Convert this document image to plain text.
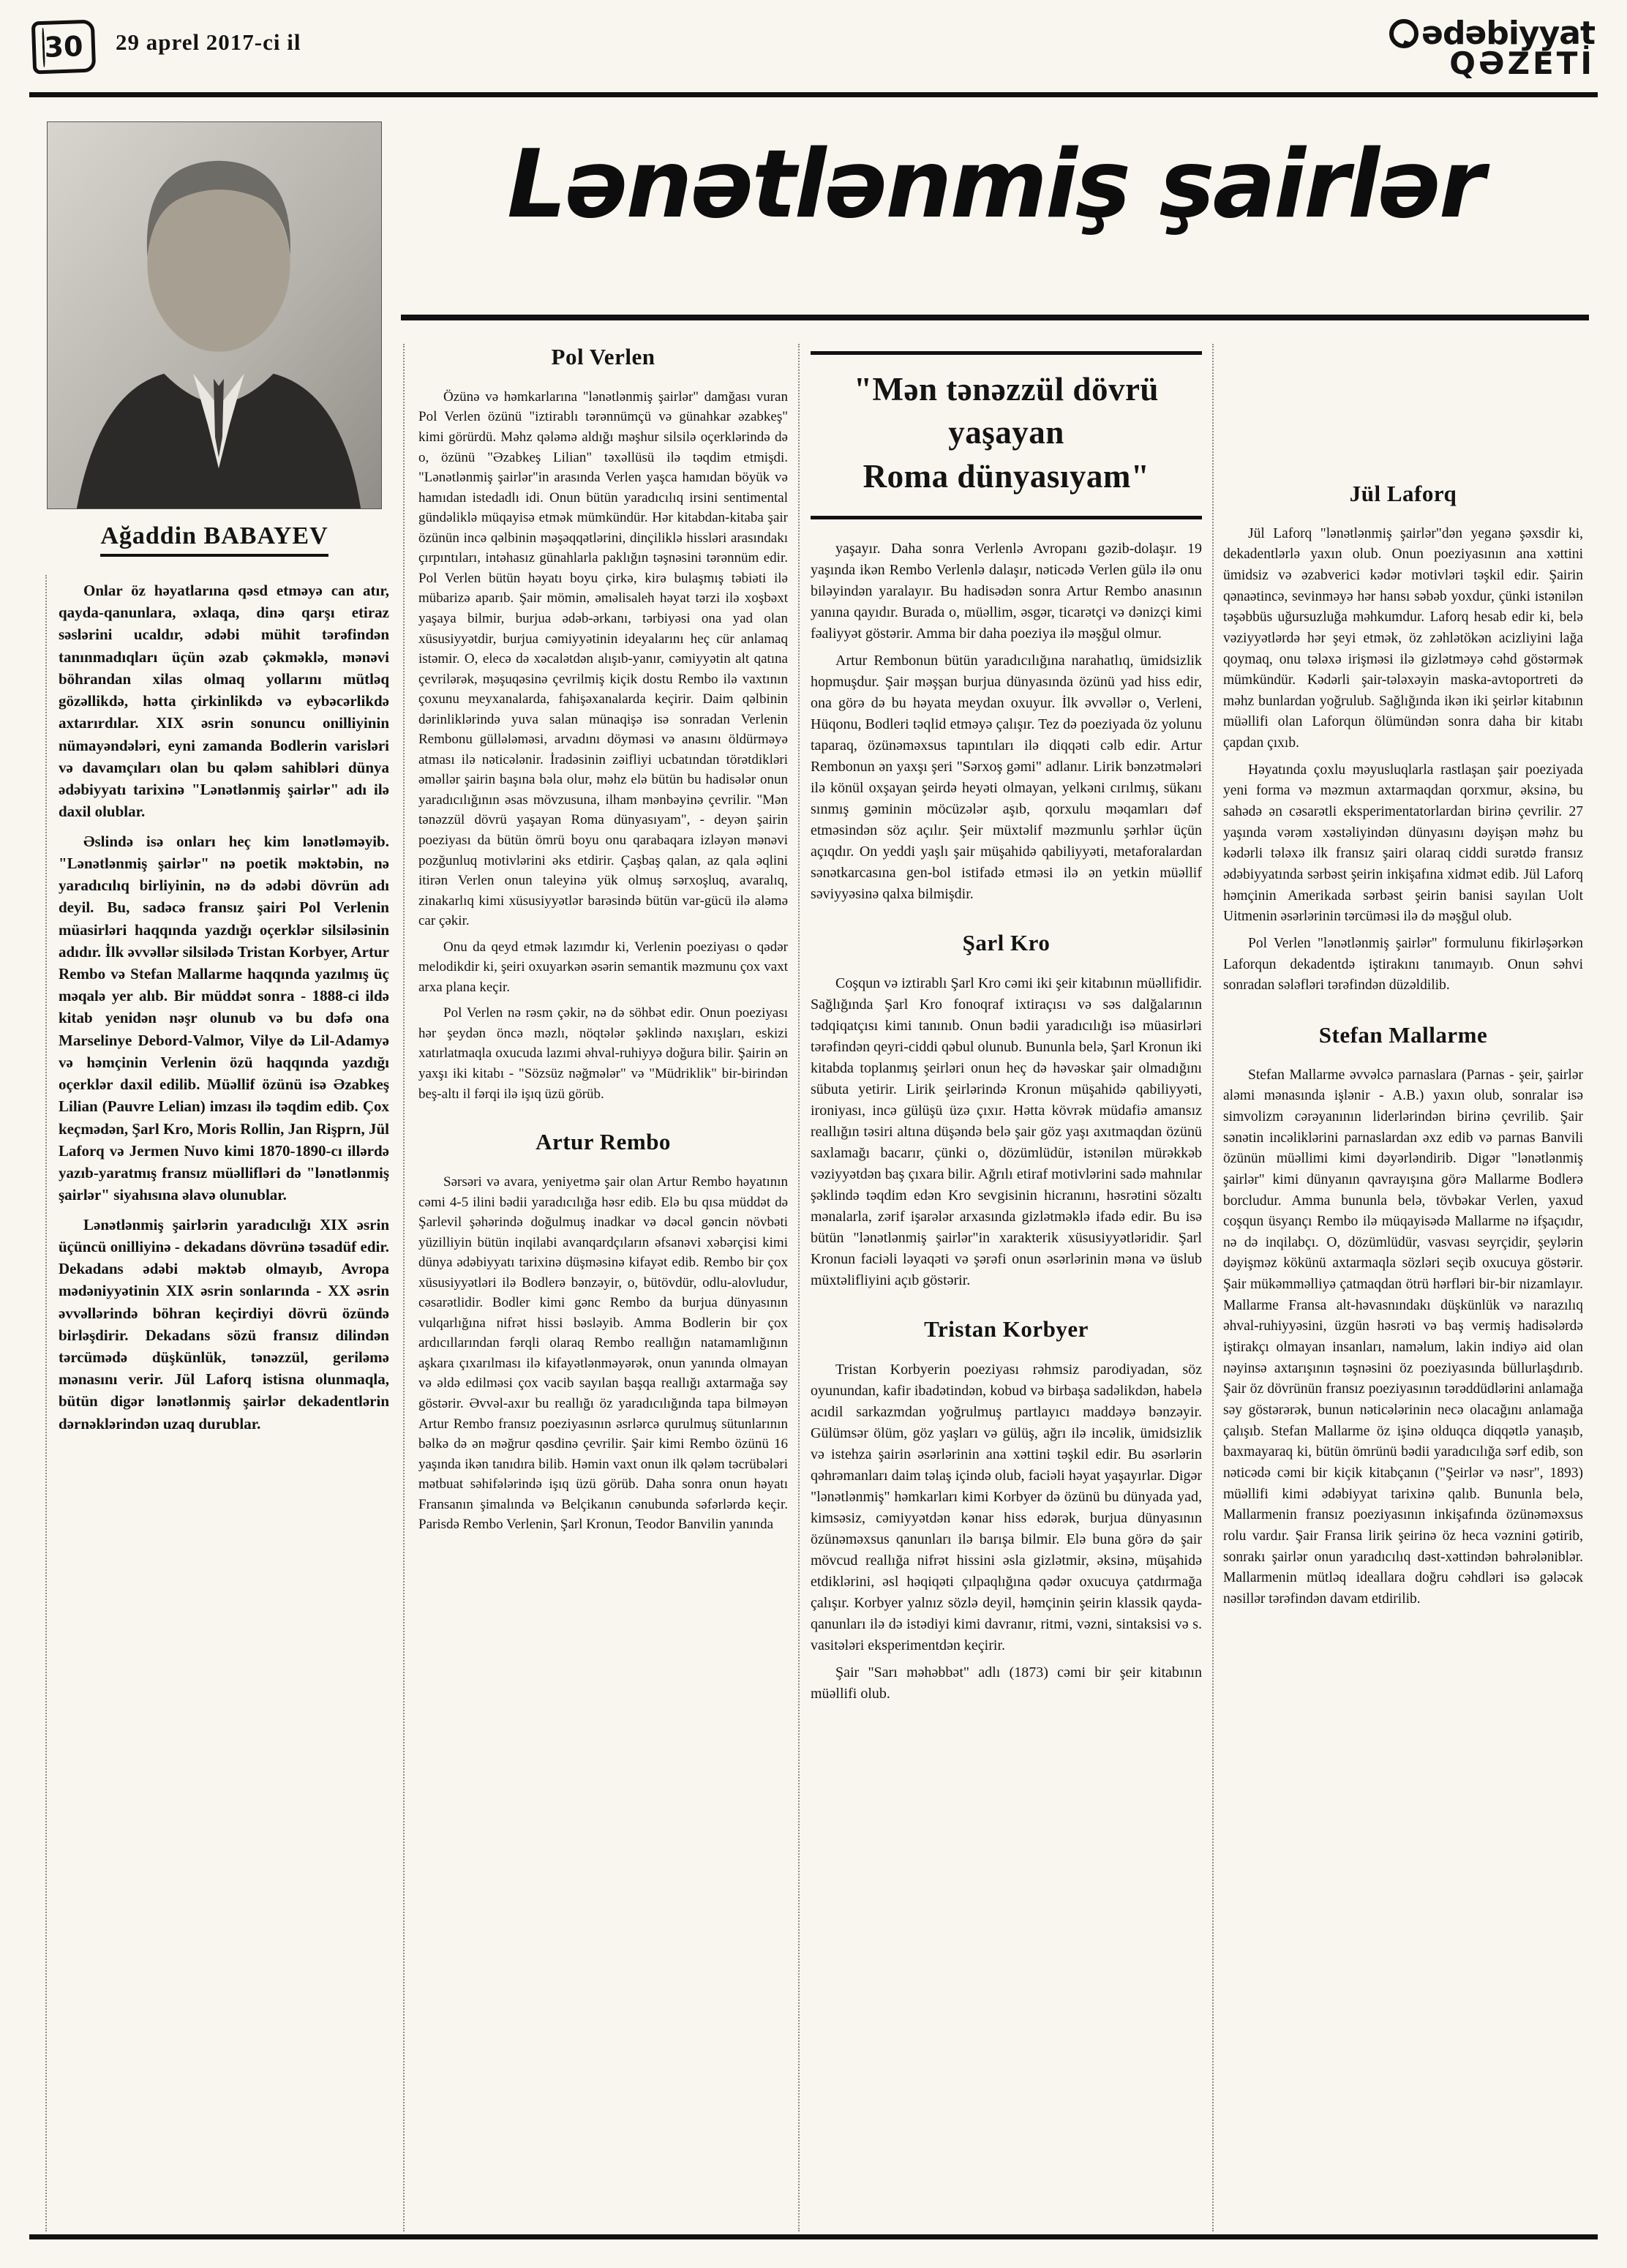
30 29 aprel 2017-ci il	ədəbiyyat
QƏZETİ
Ağaddin BABAYEV
Lənətlənmiş şairlər

Onlar öz həyatlarına qəsd etməyə can atır, qayda-qanunlara, əxlaqa, dinə qarşı etiraz səslərini ucaldır, ədəbi mühit tərəfindən tanınmadıqları üçün əzab çəkməklə, mənəvi böhrandan xilas olmaq yollarını mütləq gözəllikdə, hətta çirkinlikdə və eybəcərlikdə axtarırdılar. XIX əsrin sonuncu onilliyinin nümayəndələri, eyni zamanda Bodlerin varisləri və davamçıları olan bu qələm sahibləri dünya ədəbiyyatı tarixinə "Lənətlənmiş şairlər" adı ilə daxil olublar.

Əslində isə onları heç kim lənətləməyib. "Lənətlənmiş şairlər" nə poetik məktəbin, nə yaradıcılıq birliyinin, nə də ədəbi dövrün adı deyil. Bu, sadəcə fransız şairi Pol Verlenin müasirləri haqqında yazdığı oçerklər silsiləsinin adıdır. İlk əvvəllər silsilədə Tristan Korbyer, Artur Rembo və Stefan Mallarme haqqında yazılmış üç məqalə yer alıb. Bir müddət sonra - 1888-ci ildə kitab yenidən nəşr olunub və bu dəfə ona Marselinye Debord-Valmor, Vilye də Lil-Adamyə və həmçinin Verlenin özü haqqında yazdığı oçerklər daxil edilib. Müəllif özünü isə Əzabkeş Lilian (Pauvre Lelian) imzası ilə təqdim edib. Çox keçmədən, Şarl Kro, Moris Rollin, Jan Rişprn, Jül Laforq və Jermen Nuvo kimi 1870-1890-cı illərdə yazıb-yaratmış fransız müəllifləri də "lənətlənmiş şairlər" siyahısına əlavə olunublar.

Lənətlənmiş şairlərin yaradıcılığı XIX əsrin üçüncü onilliyinə - dekadans dövrünə təsadüf edir. Dekadans ədəbi məktəb olmayıb, Avropa mədəniyyətinin XIX əsrin sonlarında - XX əsrin əvvəllərində böhran keçirdiyi dövrü özündə birləşdirir. Dekadans sözü fransız dilindən tərcümədə düşkünlük, tənəzzül, geriləmə mənasını verir. Jül Laforq istisna olunmaqla, bütün digər lənətlənmiş şairlər dekadentlərin dərnəklərindən uzaq durublar.

Pol Verlen

Özünə və həmkarlarına "lənətlənmiş şairlər" damğası vuran Pol Verlen özünü "iztirablı tərənnümçü və günahkar əzabkeş" kimi görürdü. Məhz qələmə aldığı məşhur silsilə oçerklərində də o, özünü "Əzabkeş Lilian" təxəllüsü ilə təqdim etmişdi. "Lənətlənmiş şairlər"in arasında Verlen yaşca hamıdan böyük və hamıdan istedadlı idi. Onun bütün yaradıcılıq irsini sentimental gündəliklə müqayisə etmək mümkündür. Hər kitabdan-kitaba şair özünün incə qəlbinin məşəqqətlərini, dinçiliklə hissləri arasındakı çırpıntıları, intəhasız günahlarla paklığın təşnəsini tərənnüm edir. Pol Verlen bütün həyatı boyu çirkə, kirə bulaşmış təbiəti ilə mübarizə aparıb. Şair mömin, əməlisaleh həyat tərzi ilə xoşbəxt yaşaya bilmir, burjua ədəb-ərkanı, tərbiyəsi ona yad olan xüsusiyyətdir, burjua cəmiyyətinin ideyalarını heç cür anlamaq istəmir. O, elecə də xəcalətdən alışıb-yanır, cəmiyyətin alt qatına çevrilərək, məşuqəsinə çevrilmiş kiçik dostu Rembo ilə vaxtının çoxunu meyxanalarda, fahişəxanalarda keçirir. Daim qəlbinin dərinliklərində yuva salan münaqişə isə sonradan Verlenin Rembonu güllələməsi, arvadını döyməsi və anasını öldürməyə atması ilə nəticələnir. İradəsinin zəifliyi ucbatından törətdikləri əməllər şairin başına bəla olur, məhz elə bütün bu hadisələr onun yaradıcılığının əsas mövzusuna, ilham mənbəyinə çevrilir. "Mən tənəzzül dövrü yaşayan Roma dünyasıyam", - deyən şairin poeziyası da bütün ömrü boyu onu qarabaqara izləyən mənəvi pozğunluq motivlərini əks etdirir. Çaşbaş qalan, az qala əqlini itirən Verlen onun taleyinə yük olmuş sərxoşluq, avaralıq, zinakarlıq kimi xüsusiyyətlər barəsində bütün var-gücü ilə aləmə car çəkir.

Onu da qeyd etmək lazımdır ki, Verlenin poeziyası o qədər melodikdir ki, şeiri oxuyarkən əsərin semantik məzmunu çox vaxt arxa plana keçir.

Pol Verlen nə rəsm çəkir, nə də söhbət edir. Onun poeziyası hər şeydən öncə məzlı, nöqtələr şəklində naxışları, eskizi xatırlatmaqla oxucuda lazımi əhval-ruhiyyə doğura bilir. Şairin ən yaxşı iki kitabı - "Sözsüz nəğmələr" və "Müdriklik" bir-birindən beş-altı il fərqi ilə işıq üzü görüb.

Artur Rembo

Sərsəri və avara, yeniyetmə şair olan Artur Rembo həyatının cəmi 4-5 ilini bədii yaradıcılığa həsr edib. Elə bu qısa müddət də Şarlevil şəhərində doğulmuş inadkar və dəcəl gəncin növbəti yüzilliyin bütün inqilabi avanqardçıların əfsanəvi xəbərçisi kimi dünya ədəbiyyatı tarixinə düşməsinə kifayət edib. Rembo bir çox xüsusiyyətləri ilə Bodlerə bənzəyir, o, bütövdür, odlu-alovludur, cəsarətlidir. Bodler kimi gənc Rembo da burjua dünyasının vulqarlığına nifrət hissi bəsləyib. Amma Bodlerin bir çox ardıcıllarından fərqli olaraq Rembo reallığın natamamlığının aşkara çıxarılması ilə kifayətlənməyərək, onun yanında olmayan və əldə edilməsi çox vacib sayılan başqa reallığı axtarmağa səy göstərir. Əvvəl-axır bu reallığı öz yaradıcılığında tapa bilməyən Artur Rembo fransız poeziyasının əsrlərcə qurulmuş sütunlarının bəlkə də ən məğrur qəsdinə çevrilir. Şair kimi Rembo özünü 16 yaşında ikən tanıdıra bilib. Həmin vaxt onun ilk qələm təcrübələri mətbuat səhifələrində işıq üzü görüb. Daha sonra onun həyatı Fransanın şimalında və Belçikanın cənubunda səfərlərdə keçir. Parisdə Rembo Verlenin, Şarl Kronun, Teodor Banvilin yanında

"Mən tənəzzül dövrü yaşayan
Roma dünyasıyam"

yaşayır. Daha sonra Verlenlə Avropanı gəzib-dolaşır. 19 yaşında ikən Rembo Verlenlə dalaşır, nəticədə Verlen gülə ilə onu biləyindən yaralayır. Bu hadisədən sonra Artur Rembo anasının yanına qayıdır. Burada o, müəllim, əsgər, ticarətçi və dənizçi kimi fəaliyyət göstərir. Amma bir daha poeziya ilə məşğul olmur.

Artur Rembonun bütün yaradıcılığına narahatlıq, ümidsizlik hopmuşdur. Şair məşşan burjua dünyasında özünü yad hiss edir, ona görə də bu həyata meydan oxuyur. İlk əvvəllər o, Verleni, Hüqonu, Bodleri təqlid etməyə çalışır. Tez də poeziyada öz yolunu taparaq, özünəməxsus tapıntıları ilə diqqəti cəlb edir. Artur Rembonun ən yaxşı şeri "Sərxoş gəmi" adlanır. Lirik bənzətmələri ilə könül oxşayan şeirdə heyəti olmayan, yelkəni cırılmış, sükanı sınmış gəminin möcüzələr aşıb, qorxulu məqamları dəf etməsindən söz açılır. Şeir müxtəlif məzmunlu şərhlər üçün açıqdır. On yeddi yaşlı şair müşahidə qabiliyyəti, metaforalardan sənətkarcasına gen-bol istifadə etməsi ilə ən yetkin müəllif səviyyəsinə qalxa bilmişdir.

Şarl Kro

Coşqun və iztirablı Şarl Kro cəmi iki şeir kitabının müəllifidir. Sağlığında Şarl Kro fonoqraf ixtiraçısı və səs dalğalarının tədqiqatçısı kimi tanınıb. Onun bədii yaradıcılığı isə müasirləri tərəfindən qeyri-ciddi qəbul olunub. Bununla belə, Şarl Kronun iki kitabda toplanmış şeirləri onun heç də həvəskar şair olmadığını sübuta yetirir. Lirik şeirlərində Kronun müşahidə qabiliyyəti, ironiyası, incə gülüşü üzə çıxır. Hətta kövrək müdafiə amansız reallığın təsiri altına düşəndə belə şair göz yaşı axıtmaqdan özünü saxlamağı bacarır, çünki o, dözümlüdür, istənilən mürəkkəb vəziyyətdən baş çıxara bilir. Ağrılı etiraf motivlərini sadə mahnılar şəklində təqdim edən Kro sevgisinin hicranını, həsrətini sözaltı mənalarla, zərif işarələr arxasında gizlətməklə ifadə edir. Bu isə bütün "lənətlənmiş şairlər"in xarakterik xüsusiyyətləridir. Şarl Kronun faciəli ləyaqəti və şərəfi onun əsərlərinin məna və üslub müxtəlifliyini açıb göstərir.

Tristan Korbyer

Tristan Korbyerin poeziyası rəhmsiz parodiyadan, söz oyunundan, kafir ibadətindən, kobud və birbaşa sadəlikdən, habelə acıdil sarkazmdan yoğrulmuş partlayıcı maddəyə bənzəyir. Gülümsər ölüm, göz yaşları və gülüş, ağrı ilə incəlik, ümidsizlik və istehza şairin əsərlərinin ana xəttini təşkil edir. Bu əsərlərin qəhrəmanları daim təlaş içində olub, faciəli həyat yaşayırlar. Digər "lənətlənmiş" həmkarları kimi Korbyer də özünü bu dünyada yad, kimsəsiz, cəmiyyətdən kənar hiss edərək, burjua dünyasının özünəməxsus qanunları ilə barışa bilmir. Elə buna görə də şair mövcud reallığa nifrət hissini əsla gizlətmir, əksinə, müşahidə etdiklərini, əsl həqiqəti çılpaqlığına qədər oxucuya çatdırmağa çalışır. Korbyer yalnız sözlə deyil, həmçinin şeirin klassik qayda-qanunları ilə də istədiyi kimi davranır, ritmi, vəzni, sintaksisi və s. vasitələri eksperimentdən keçirir.

Şair "Sarı məhəbbət" adlı (1873) cəmi bir şeir kitabının müəllifi olub.

Jül Laforq

Jül Laforq "lənətlənmiş şairlər"dən yeganə şəxsdir ki, dekadentlərlə yaxın olub. Onun poeziyasının ana xəttini ümidsiz və əzabverici kədər motivləri təşkil edir. Şairin qənaətincə, sevinməyə hər hansı səbəb yoxdur, çünki istənilən təşəbbüs uğursuzluğa məhkumdur. Laforq hesab edir ki, belə vəziyyətlərdə hər şeyi etmək, öz zəhlətökən acizliyini lağa qoymaq, onu tələxə irişməsi ilə gizlətməyə cəhd göstərmək mümkündür. Kədərli şair-tələxəyin maska-avtoportreti də məhz bunlardan yoğrulub. Sağlığında ikən iki şeirlər kitabının müəllifi olan Laforqun ölümündən sonra daha bir kitabı çapdan çıxıb.

Həyatında çoxlu məyusluqlarla rastlaşan şair poeziyada yeni forma və məzmun axtarmaqdan qorxmur, əksinə, bu sahədə ən cəsarətli eksperimentatorlardan birinə çevrilir. 27 yaşında vərəm xəstəliyindən dünyasını dəyişən məhz bu kədərli tələxə ilk fransız şairi olaraq ciddi surətdə fransız ədəbiyyatında sərbəst şeirin inkişafına xidmət edib. Jül Laforq həmçinin Amerikada sərbəst şeirin banisi sayılan Uolt Uitmenin əsərlərinin tərcüməsi ilə də məşğul olub.

Pol Verlen "lənətlənmiş şairlər" formulunu fikirləşərkən Laforqun dekadentdə iştirakını tanımayıb. Onun səhvi sonradan sələfləri tərəfindən düzəldilib.

Stefan Mallarme

Stefan Mallarme əvvəlcə parnaslara (Parnas - şeir, şairlər aləmi mənasında işlənir - A.B.) yaxın olub, sonralar isə simvolizm cərəyanının liderlərindən birinə çevrilib. Şair sənətin incəliklərini parnaslardan əxz edib və parnas Banvili özünün müəllimi kimi dəyərləndirib. Digər "lənətlənmiş şairlər" kimi dünyanın qavrayışına görə Mallarme Bodlerə borcludur. Amma bununla belə, tövbəkar Verlen, yaxud coşqun üsyançı Rembo ilə müqayisədə Mallarme nə ifşaçıdır, nə də inqilabçı. O, dözümlüdür, vasvası seyrçidir, şeylərin dəyişməz kökünü axtarmaqla sözləri seçib oxucuya göstərir. Şair mükəmməlliyə çatmaqdan ötrü hərfləri bir-bir nizamlayır. Mallarme Fransa alt-həvasnındakı düşkünlük və narazılıq əhval-ruhiyyəsini, üzgün həsrəti və baş vermiş hadisələrdə iştirakçı olmayan insanları, naməlum, lakin indiyə aid olan nəyinsə axtarışının təşnəsini öz poeziyasında büllurlaşdırıb. Şair öz dövrünün fransız poeziyasının tərəddüdlərini anlamağa səy göstərərək, bunun nəticələrinin necə olacağını anlamağa çalışıb. Stefan Mallarme öz işinə olduqca diqqətlə yanaşıb, baxmayaraq ki, bütün ömrünü bədii yaradıcılığa sərf edib, son nəticədə cəmi bir kiçik kitabçanın ("Şeirlər və nəsr", 1893) müəllifi kimi ədəbiyyat tarixinə qalıb. Bununla belə, Mallarmenin fransız poeziyasının inkişafında özünəməxsus rolu vardır. Şair Fransa lirik şeirinə öz heca vəznini gətirib, sonrakı şairlər onun yaradıcılıq dəst-xəttindən bəhrələniblər. Mallarmenin mütləq ideallara doğru cəhdləri isə gələcək nəsillər tərəfindən davam etdirilib.
